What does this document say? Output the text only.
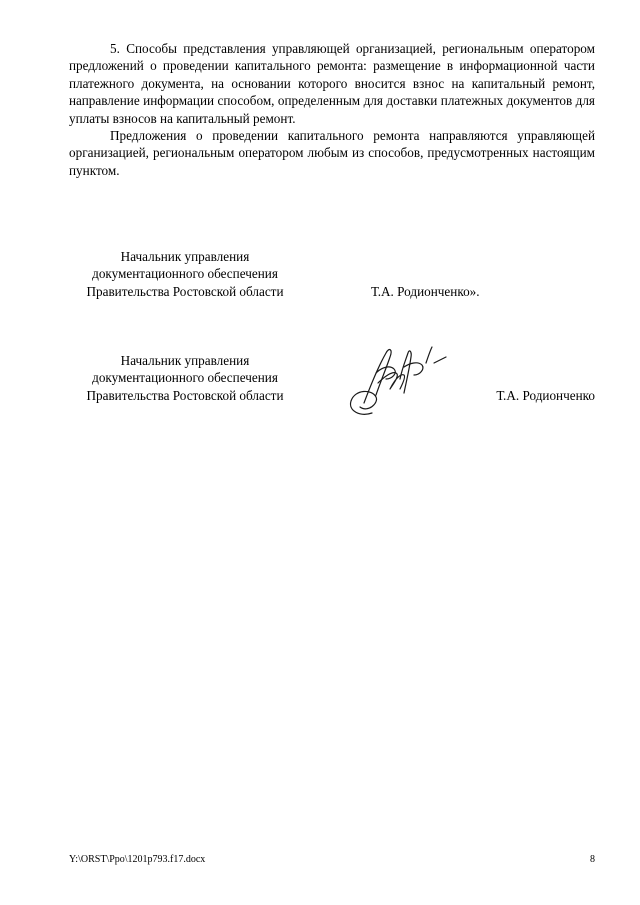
5. Способы представления управляющей организацией, региональным оператором предложений о проведении капитального ремонта: размещение в информационной части платежного документа, на основании которого вносится взнос на капитальный ремонт, направление информации способом, определенным для доставки платежных документов для уплаты взносов на капитальный ремонт.

Предложения о проведении капитального ремонта направляются управляющей организацией, региональным оператором любым из способов, предусмотренных настоящим пунктом.

Начальник управления
документационного обеспечения
Правительства Ростовской области	Т.А. Родионченко».
Начальник управления
документационного обеспечения
Правительства Ростовской области	Т.А. Родионченко
Y:\ORST\Ppo\1201p793.f17.docx	8
